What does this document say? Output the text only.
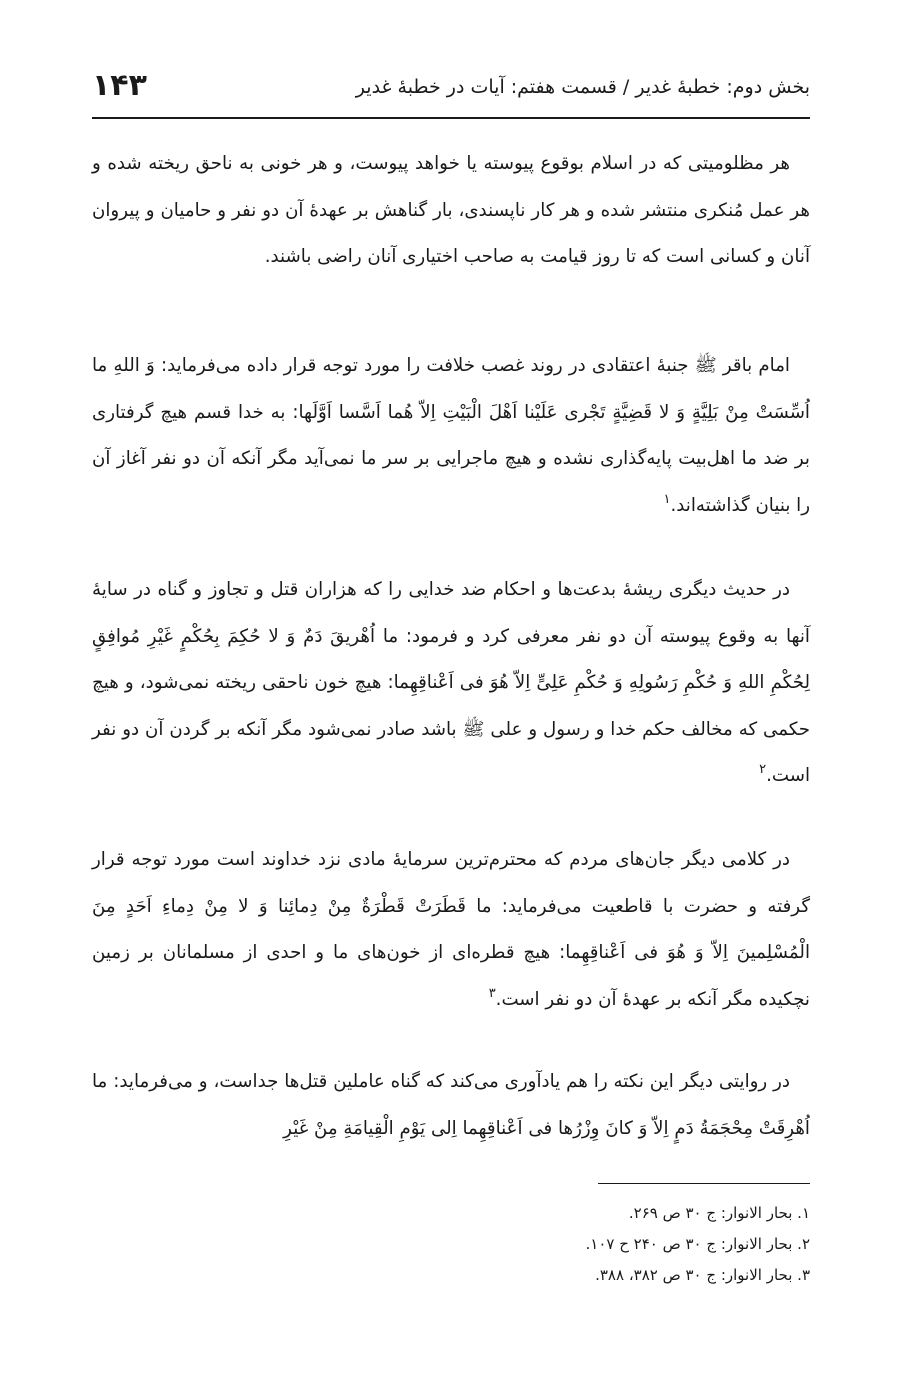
بخش دوم: خطبۀ غدیر / قسمت هفتم: آیات در خطبۀ غدیر
۱۴۳

هر مظلومیتی که در اسلام بوقوع پیوسته یا خواهد پیوست، و هر خونی به ناحق ریخته شده و هر عمل مُنکری منتشر شده و هر کار ناپسندی، بار گناهش بر عهدۀ آن دو نفر و حامیان و پیروان آنان و کسانی است که تا روز قیامت به صاحب اختیاری آنان راضی باشند.

امام باقر ﷺ جنبۀ اعتقادی در روند غصب خلافت را مورد توجه قرار داده می‌فرماید: وَ اللهِ ما اُسِّسَتْ مِنْ بَلِیَّةٍ وَ لا قَضِیَّةٍ تَجْری عَلَیْنا اَهْلَ الْبَیْتِ اِلاّ هُما اَسَّسا اَوَّلَها: به خدا قسم هیچ گرفتاری بر ضد ما اهل‌بیت پایه‌گذاری نشده و هیچ ماجرایی بر سر ما نمی‌آید مگر آنکه آن دو نفر آغاز آن را بنیان گذاشته‌اند.$^۱$

در حدیث دیگری ریشۀ بدعت‌ها و احکام ضد خدایی را که هزاران قتل و تجاوز و گناه در سایۀ آنها به وقوع پیوسته آن دو نفر معرفی کرد و فرمود: ما اُهْریقَ دَمٌ وَ لا حُکِمَ بِحُکْمٍ غَیْرِ مُوافِقٍ لِحُکْمِ اللهِ وَ حُکْمِ رَسُولِهِ وَ حُکْمِ عَلِیٍّ اِلاّ هُوَ فی اَعْناقِهِما: هیچ خون ناحقی ریخته نمی‌شود، و هیچ حکمی که مخالف حکم خدا و رسول و علی ﷺ باشد صادر نمی‌شود مگر آنکه بر گردن آن دو نفر است.$^۲$

در کلامی دیگر جان‌های مردم که محترم‌ترین سرمایۀ مادی نزد خداوند است مورد توجه قرار گرفته و حضرت با قاطعیت می‌فرماید: ما قَطَرَتْ قَطْرَةٌ مِنْ دِمائِنا وَ لا مِنْ دِماءِ اَحَدٍ مِنَ الْمُسْلِمینَ اِلاّ وَ هُوَ فی اَعْناقِهِما: هیچ قطره‌ای از خون‌های ما و احدی از مسلمانان بر زمین نچکیده مگر آنکه بر عهدۀ آن دو نفر است.$^۳$

در روایتی دیگر این نکته را هم یادآوری می‌کند که گناه عاملین قتل‌ها جداست، و می‌فرماید: ما اُهْرِقَتْ مِحْجَمَةُ دَمٍ اِلاّ وَ کانَ وِزْرُها فی اَعْناقِهِما اِلی یَوْمِ الْقِیامَةِ مِنْ غَیْرِ

۱. بحار الانوار: ج ۳۰ ص ۲۶۹.
۲. بحار الانوار: ج ۳۰ ص ۲۴۰ ح ۱۰۷.
۳. بحار الانوار: ج ۳۰ ص ۳۸۲، ۳۸۸.
